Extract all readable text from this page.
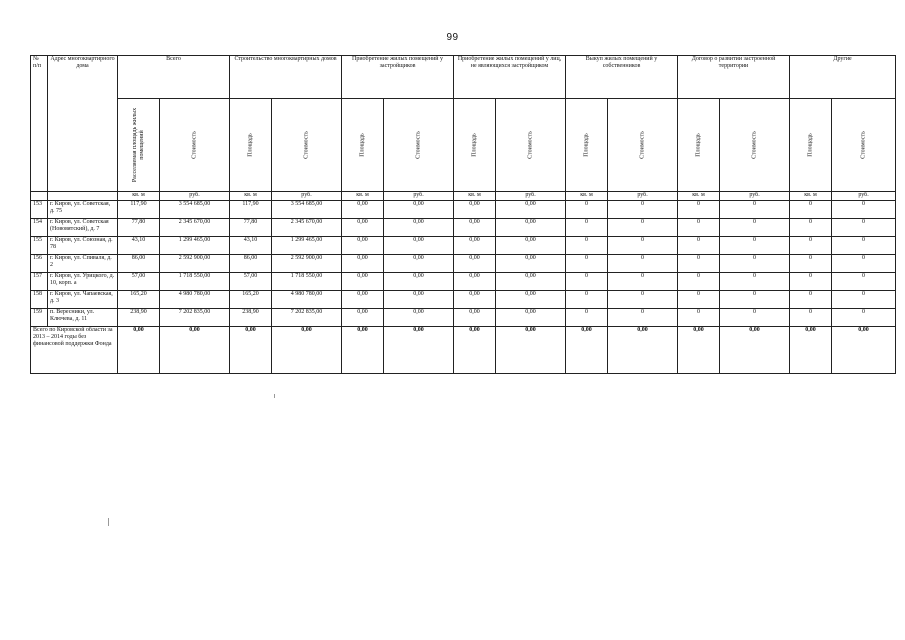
99
№ п/п	Адрес многоквартирного дома	Всего		Строительство многоквартирных домов		Приобретение жилых помещений у застройщиков		Приобретение жилых помещений у лиц, не являющихся застройщиком		Выкуп жилых помещений у собственников		Договор о развитии застроенной территории		Другие	

		Расселяемая площадь жилых помещений	Стоимость	Площадь	Стоимость	Площадь	Стоимость	Площадь	Стоимость	Площадь	Стоимость	Площадь	Стоимость	Площадь	Стоимость

		кв. м	руб.	кв. м	руб.	кв. м	руб.	кв. м	руб.	кв. м	руб.	кв. м	руб.	кв. м	руб.
153	г. Киров, ул. Советская, д. 75	117,90	3 554 685,00	117,90	3 554 685,00	0,00	0,00	0,00	0,00	0	0	0	0	0	0
154	г. Киров, ул. Советская (Нововятский), д. 7	77,80	2 345 670,00	77,80	2 345 670,00	0,00	0,00	0,00	0,00	0	0	0	0	0	0
155	г. Киров, ул. Союзная, д. 78	43,10	1 299 465,00	43,10	1 299 465,00	0,00	0,00	0,00	0,00	0	0	0	0	0	0
156	г. Киров, ул. Спиваля, д. 2	86,00	2 592 900,00	86,00	2 592 900,00	0,00	0,00	0,00	0,00	0	0	0	0	0	0
157	г. Киров, ул. Урицкого, д. 10, корп. а	57,00	1 718 550,00	57,00	1 718 550,00	0,00	0,00	0,00	0,00	0	0	0	0	0	0
158	г. Киров, ул. Чапаевская, д. 3	165,20	4 980 780,00	165,20	4 980 780,00	0,00	0,00	0,00	0,00	0	0	0	0	0	0
159	п. Вересники, ул. Ключева, д. 11	238,90	7 202 835,00	238,90	7 202 835,00	0,00	0,00	0,00	0,00	0	0	0	0	0	0
Всего по Кировской области за 2013 – 2014 годы без финансовой поддержки Фонда		0,00	0,00	0,00	0,00	0,00	0,00	0,00	0,00	0,00	0,00	0,00	0,00	0,00	0,00
